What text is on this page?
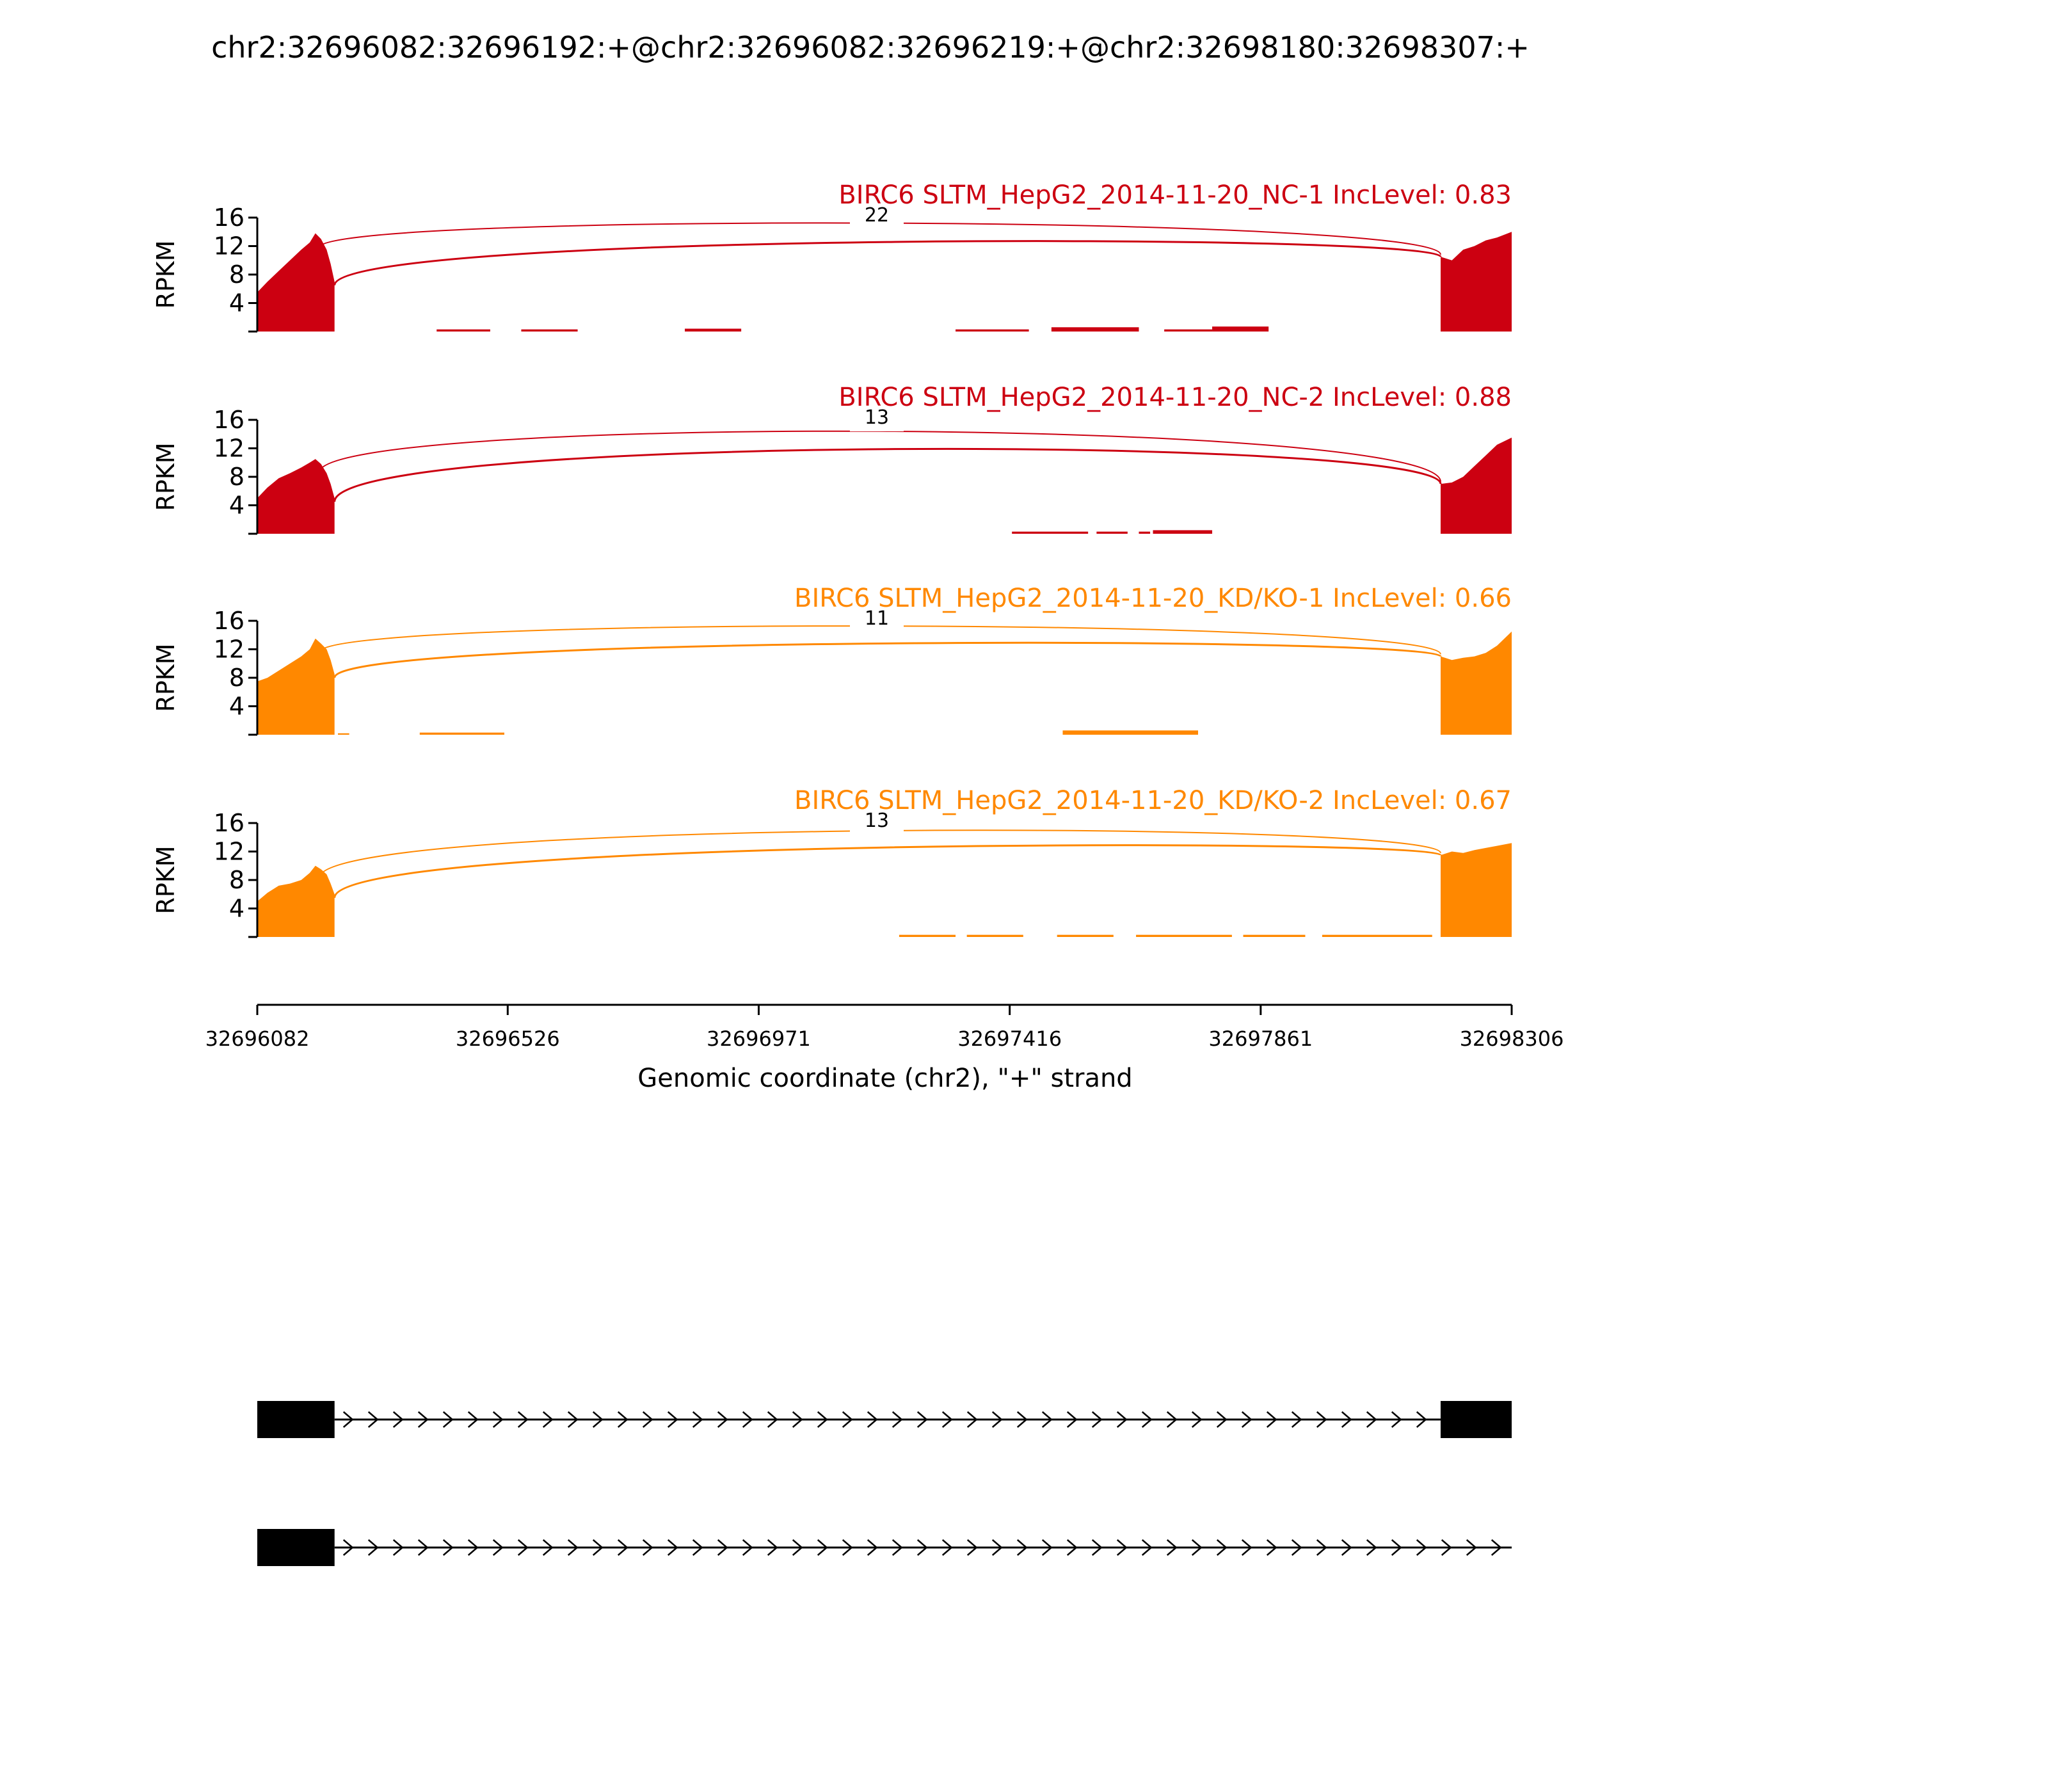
chr2:32696082:32696192:+@chr2:32696082:32696219:+@chr2:32698180:32698307:+
22
4
8
12
16
RPKM
BIRC6 SLTM_HepG2_2014-11-20_NC-1 IncLevel: 0.83
13
4
8
12
16
RPKM
BIRC6 SLTM_HepG2_2014-11-20_NC-2 IncLevel: 0.88
11
4
8
12
16
RPKM
BIRC6 SLTM_HepG2_2014-11-20_KD/KO-1 IncLevel: 0.66
13
4
8
12
16
RPKM
BIRC6 SLTM_HepG2_2014-11-20_KD/KO-2 IncLevel: 0.67
32696082	32696526	32696971	32697416	32697861	32698306
Genomic coordinate (chr2), "+" strand
